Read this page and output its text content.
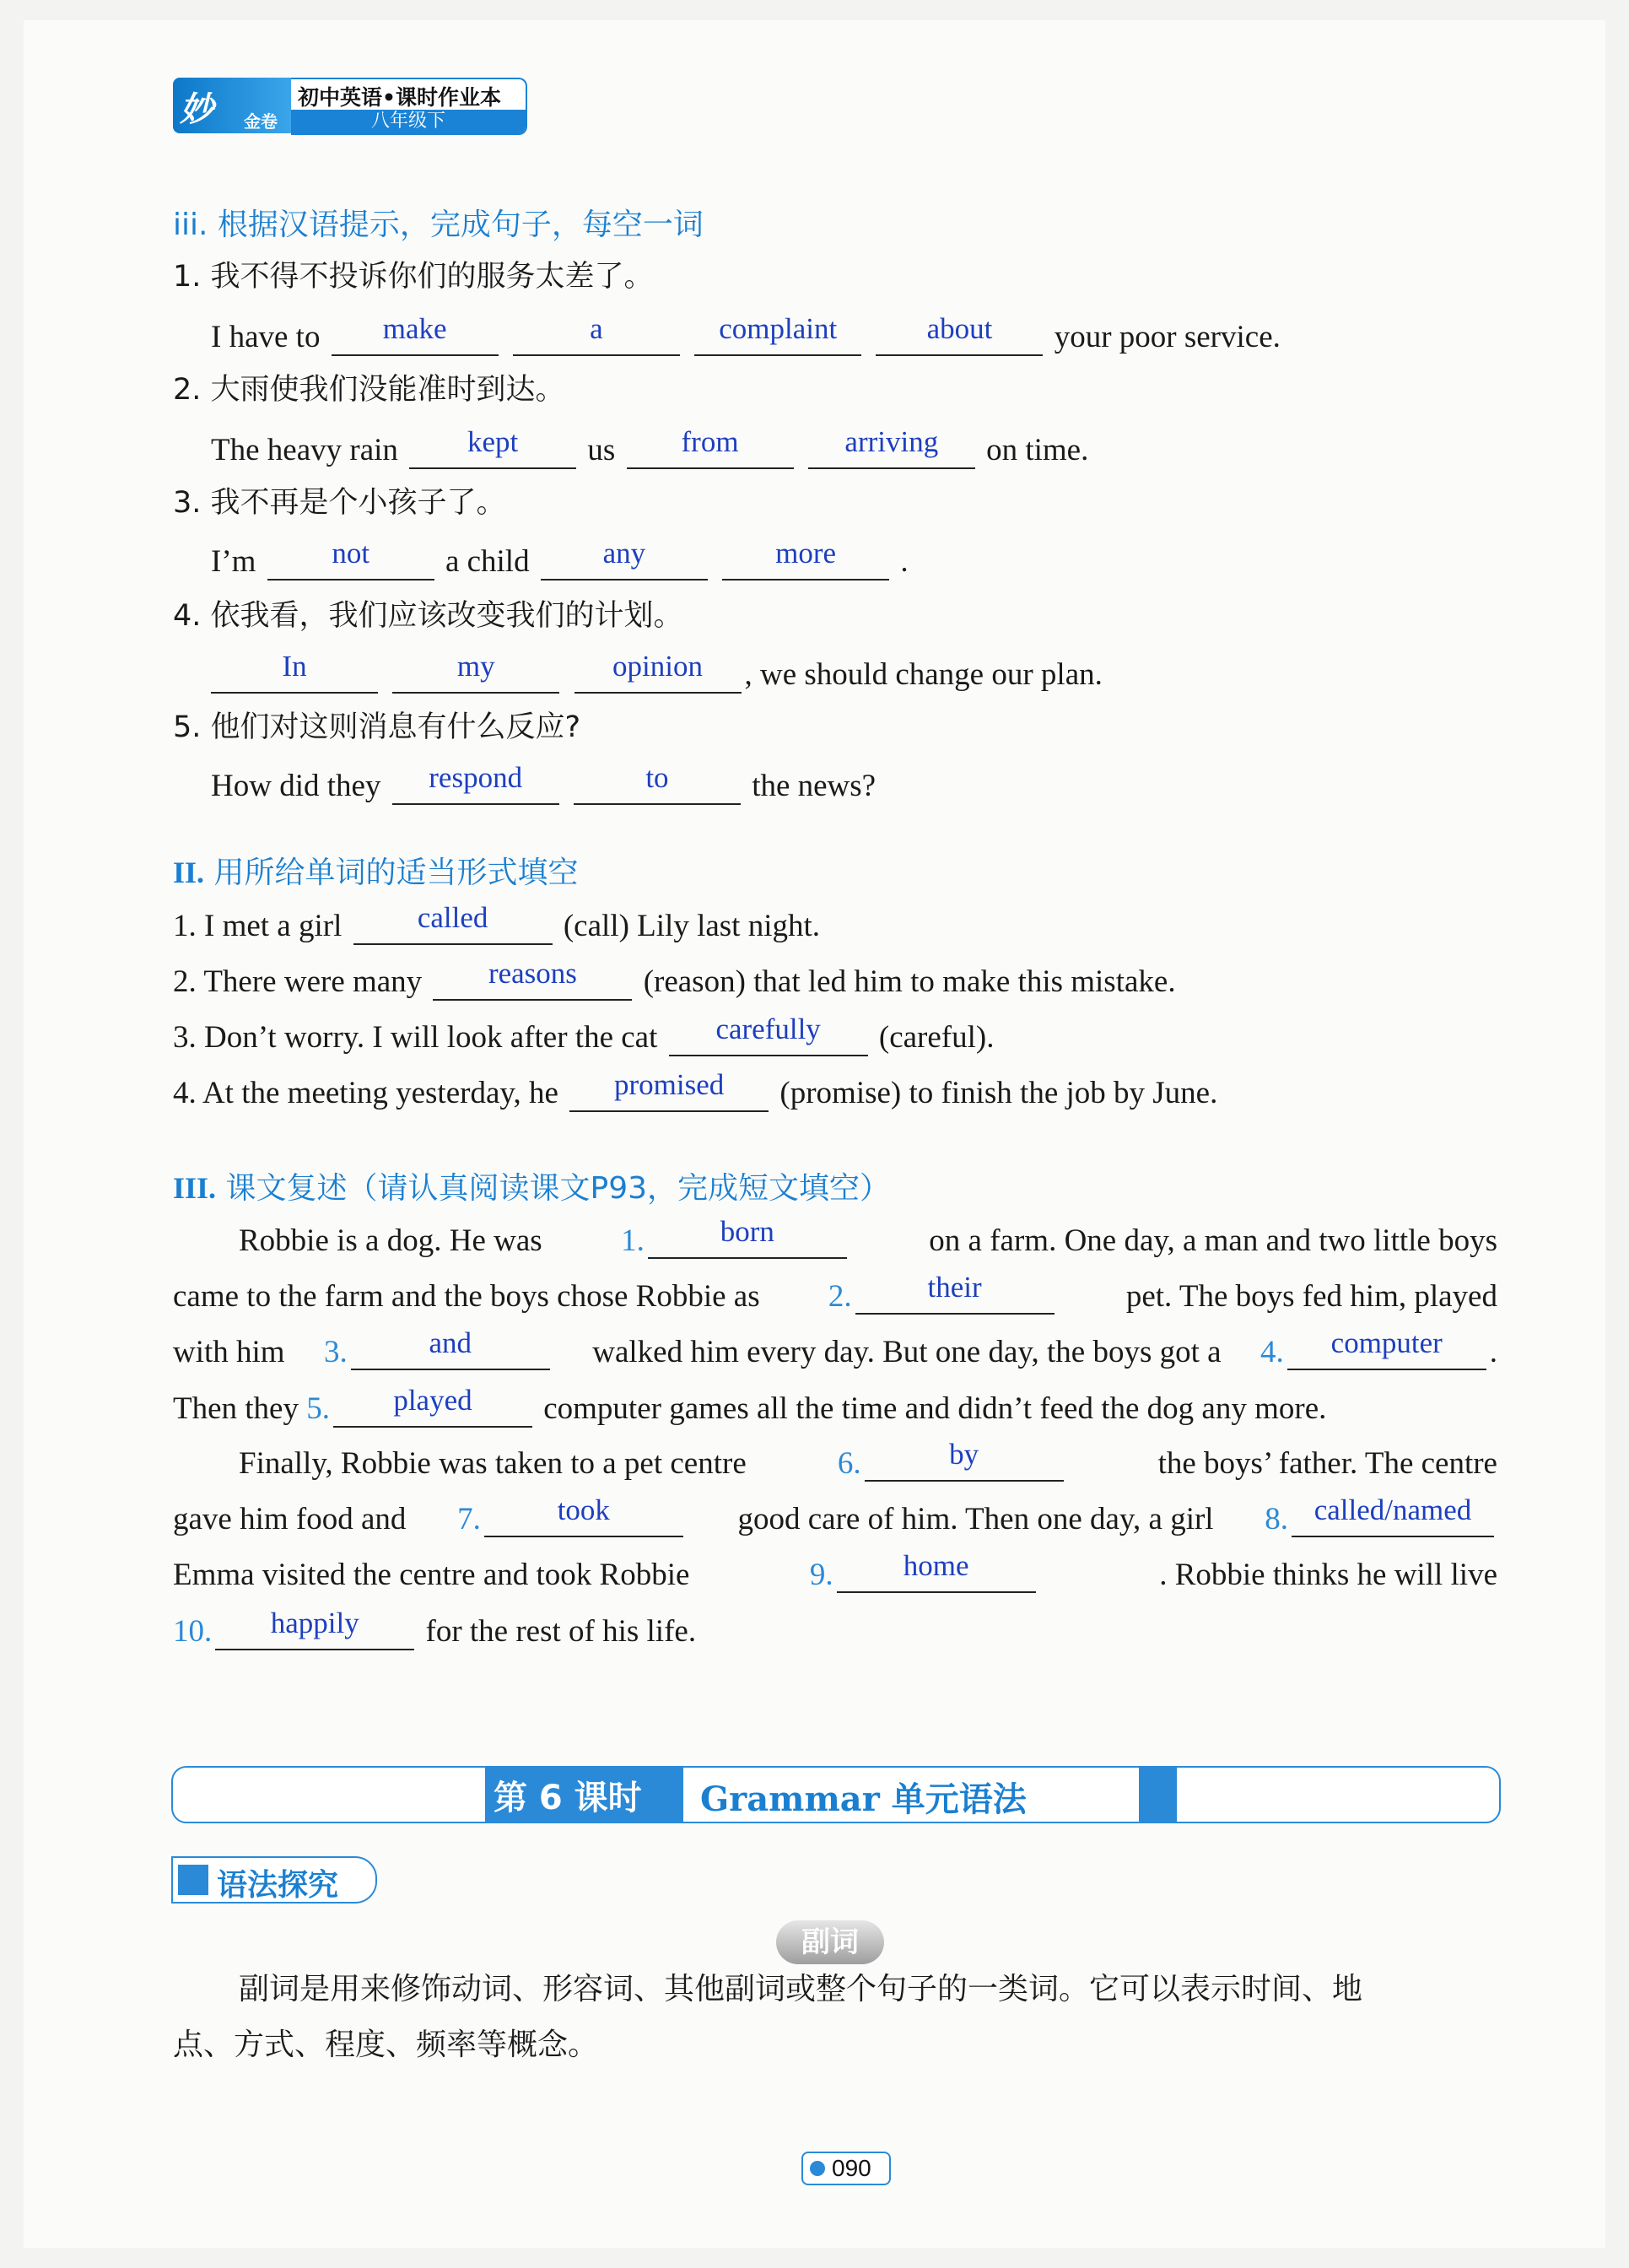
妙 金卷
初中英语•课时作业本
八年级下
iii. 根据汉语提示，完成句子，每空一词
1. 我不得不投诉你们的服务太差了。
I have to	make
	a
	complaint
	about	your poor service.
2. 大雨使我们没能准时到达。
The heavy rain	kept	us	from
	arriving	on time.
3. 我不再是个小孩子了。
I’m	not	a child	any
	more	.
4. 依我看，我们应该改变我们的计划。
In
	my
	opinion	, we should change our plan.
5. 他们对这则消息有什么反应?
How did they	respond
	to	the news?
II. 用所给单词的适当形式填空
1. I met a girl	called	(call) Lily last night.
2. There were many	reasons	(reason) that led him to make this mistake.
3. Don’t worry. I will look after the cat	carefully	(careful).
4. At the meeting yesterday, he	promised	(promise) to finish the job by June.
III. 课文复述（请认真阅读课文P93，完成短文填空）
Robbie is a dog. He was	1.	born	on a farm. One day, a man and two little boys
came to the farm and the boys chose Robbie as 2.	their	pet. The boys fed him, played
with him 3.	and	walked him every day. But one day, the boys got a 4.	computer	.
Then they 5.	played	computer games all the time and didn’t feed the dog any more.
Finally, Robbie was taken to a pet centre	6.	by	the boys’ father. The centre
gave him food and 7.	took	good care of him. Then one day, a girl 8. called/named
Emma visited the centre and took Robbie	9.	home	. Robbie thinks he will live
10.	happily	for the rest of his life.
第 6 课时 Grammar 单元语法
语法探究
副词
副词是用来修饰动词、形容词、其他副词或整个句子的一类词。它可以表示时间、地
点、方式、程度、频率等概念。
090
